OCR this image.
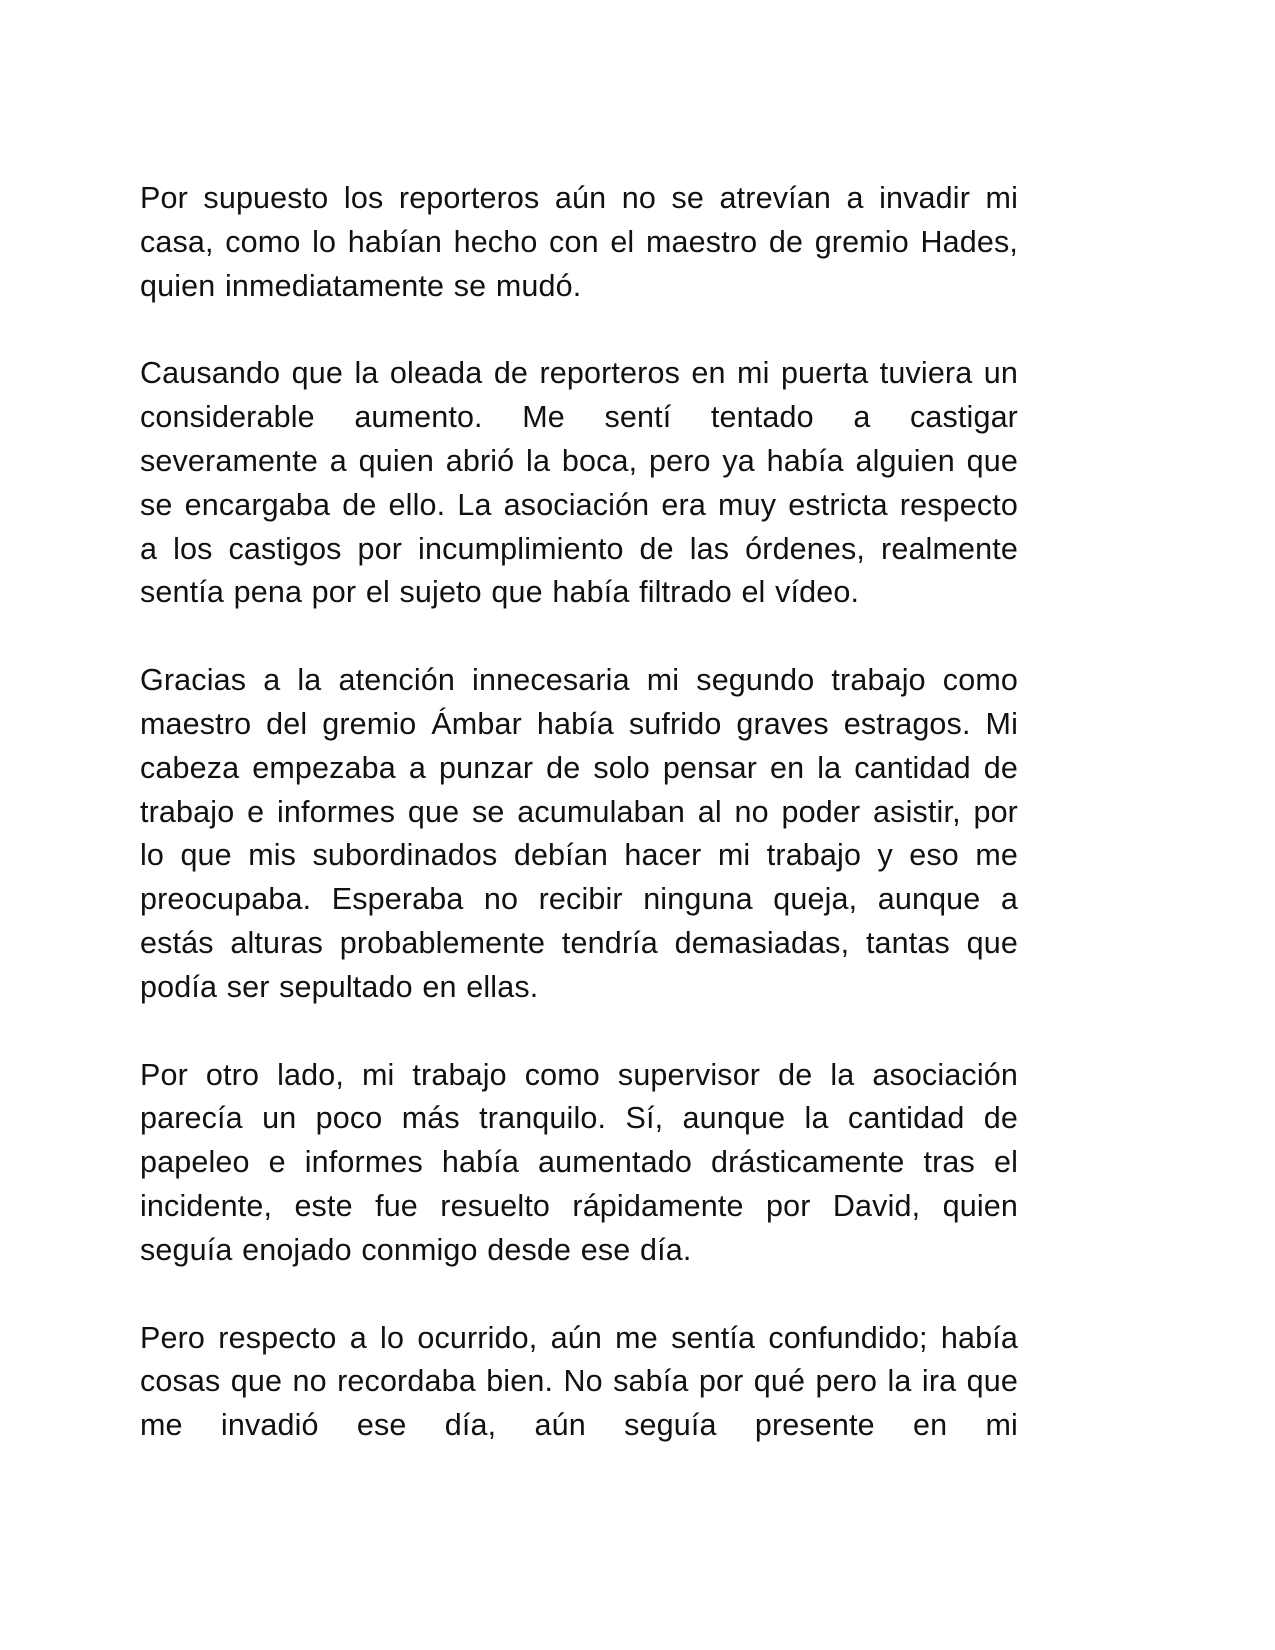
Por supuesto los reporteros aún no se atrevían a invadir mi casa, como lo habían hecho con el maestro de gremio Hades, quien inmediatamente se mudó.

Causando que la oleada de reporteros en mi puerta tuviera un considerable aumento. Me sentí tentado a castigar severamente a quien abrió la boca, pero ya había alguien que se encargaba de ello. La asociación era muy estricta respecto a los castigos por incumplimiento de las órdenes, realmente sentía pena por el sujeto que había filtrado el vídeo.

Gracias a la atención innecesaria mi segundo trabajo como maestro del gremio Ámbar había sufrido graves estragos. Mi cabeza empezaba a punzar de solo pensar en la cantidad de trabajo e informes que se acumulaban al no poder asistir, por lo que mis subordinados debían hacer mi trabajo y eso me preocupaba. Esperaba no recibir ninguna queja, aunque a estás alturas probablemente tendría demasiadas, tantas que podía ser sepultado en ellas.

Por otro lado, mi trabajo como supervisor de la asociación parecía un poco más tranquilo. Sí, aunque la cantidad de papeleo e informes había aumentado drásticamente tras el incidente, este fue resuelto rápidamente por David, quien seguía enojado conmigo desde ese día.

Pero respecto a lo ocurrido, aún me sentía confundido; había cosas que no recordaba bien. No sabía por qué pero la ira que me invadió ese día, aún seguía presente en mi
